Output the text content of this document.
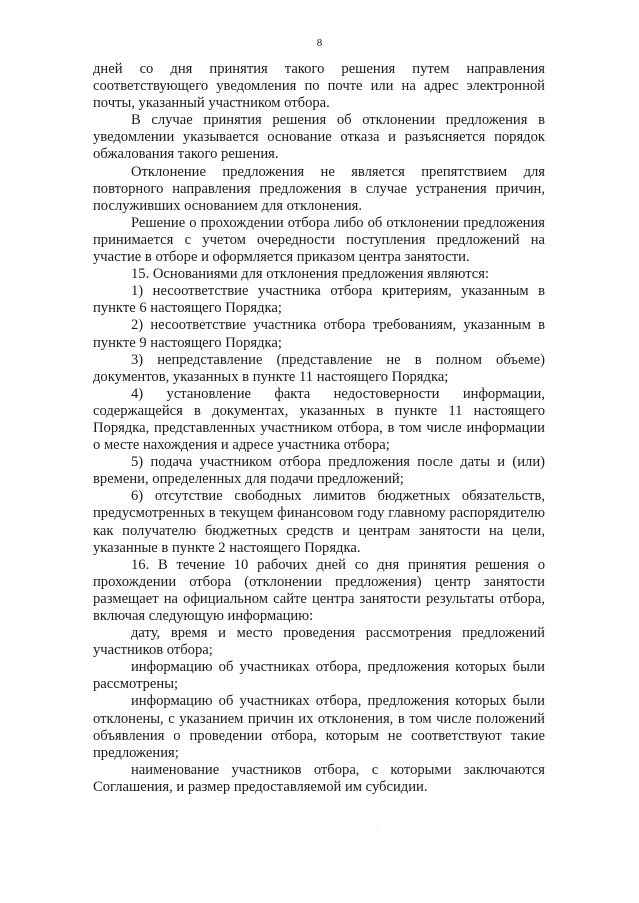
8

дней со дня принятия такого решения путем направления соответствующего уведомления по почте или на адрес электронной почты, указанный участником отбора.

В случае принятия решения об отклонении предложения в уведомлении указывается основание отказа и разъясняется порядок обжалования такого решения.

Отклонение предложения не является препятствием для повторного направления предложения в случае устранения причин, послуживших основанием для отклонения.

Решение о прохождении отбора либо об отклонении предложения принимается с учетом очередности поступления предложений на участие в отборе и оформляется приказом центра занятости.

15. Основаниями для отклонения предложения являются:

1) несоответствие участника отбора критериям, указанным в пункте 6 настоящего Порядка;

2) несоответствие участника отбора требованиям, указанным в пункте 9 настоящего Порядка;

3) непредставление (представление не в полном объеме) документов, указанных в пункте 11 настоящего Порядка;

4) установление факта недостоверности информации, содержащейся в документах, указанных в пункте 11 настоящего Порядка, представленных участником отбора, в том числе информации о месте нахождения и адресе участника отбора;

5) подача участником отбора предложения после даты и (или) времени, определенных для подачи предложений;

6) отсутствие свободных лимитов бюджетных обязательств, предусмотренных в текущем финансовом году главному распорядителю как получателю бюджетных средств и центрам занятости на цели, указанные в пункте 2 настоящего Порядка.

16. В течение 10 рабочих дней со дня принятия решения о прохождении отбора (отклонении предложения) центр занятости размещает на официальном сайте центра занятости результаты отбора, включая следующую информацию:

дату, время и место проведения рассмотрения предложений участников отбора;

информацию об участниках отбора, предложения которых были рассмотрены;

информацию об участниках отбора, предложения которых были отклонены, с указанием причин их отклонения, в том числе положений объявления о проведении отбора, которым не соответствуют такие предложения;

наименование участников отбора, с которыми заключаются Соглашения, и размер предоставляемой им субсидии.
